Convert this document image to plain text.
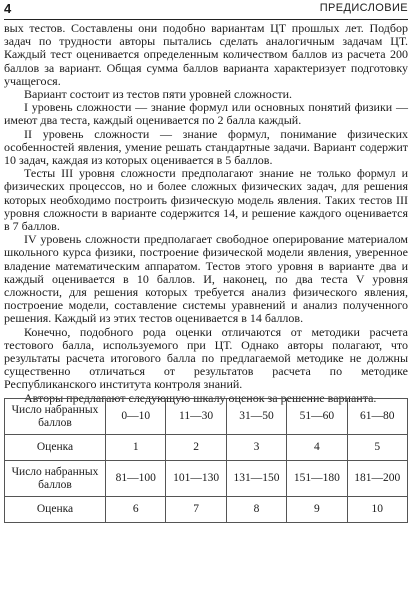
4	ПРЕДИСЛОВИЕ

вых тестов. Составлены они подобно вариантам ЦТ прошлых лет. Подбор задач по трудности авторы пытались сделать аналогичным задачам ЦТ. Каждый тест оценивается определенным количеством баллов из расчета 200 баллов за вариант. Общая сумма баллов варианта характеризует подготовку учащегося.

Вариант состоит из тестов пяти уровней сложности.

I уровень сложности — знание формул или основных понятий физики — имеют два теста, каждый оценивается по 2 балла каждый.

II уровень сложности — знание формул, понимание физических особенностей явления, умение решать стандартные задачи. Вариант содержит 10 задач, каждая из которых оценивается в 5 баллов.

Тесты III уровня сложности предполагают знание не только формул и физических процессов, но и более сложных физических задач, для решения которых необходимо построить физическую модель явления. Таких тестов III уровня сложности в варианте содержится 14, и решение каждого оценивается в 7 баллов.

IV уровень сложности предполагает свободное оперирование материалом школьного курса физики, построение физической модели явления, уверенное владение математическим аппаратом. Тестов этого уровня в варианте два и каждый оценивается в 10 баллов. И, наконец, по два теста V уровня сложности, для решения которых требуется анализ физического явления, построение модели, составление системы уравнений и анализ полученного решения. Каждый из этих тестов оценивается в 14 баллов.

Конечно, подобного рода оценки отличаются от методики расчета тестового балла, используемого при ЦТ. Однако авторы полагают, что результаты расчета итогового балла по предлагаемой методике не должны существенно отличаться от результатов расчета по методике Республиканского института контроля знаний.

Авторы предлагают следующую шкалу оценок за решение варианта.

Число набранных баллов	0—10	11—30	31—50	51—60	61—80
Оценка	1	2	3	4	5
Число набранных баллов	81—100	101—130	131—150	151—180	181—200
Оценка	6	7	8	9	10
